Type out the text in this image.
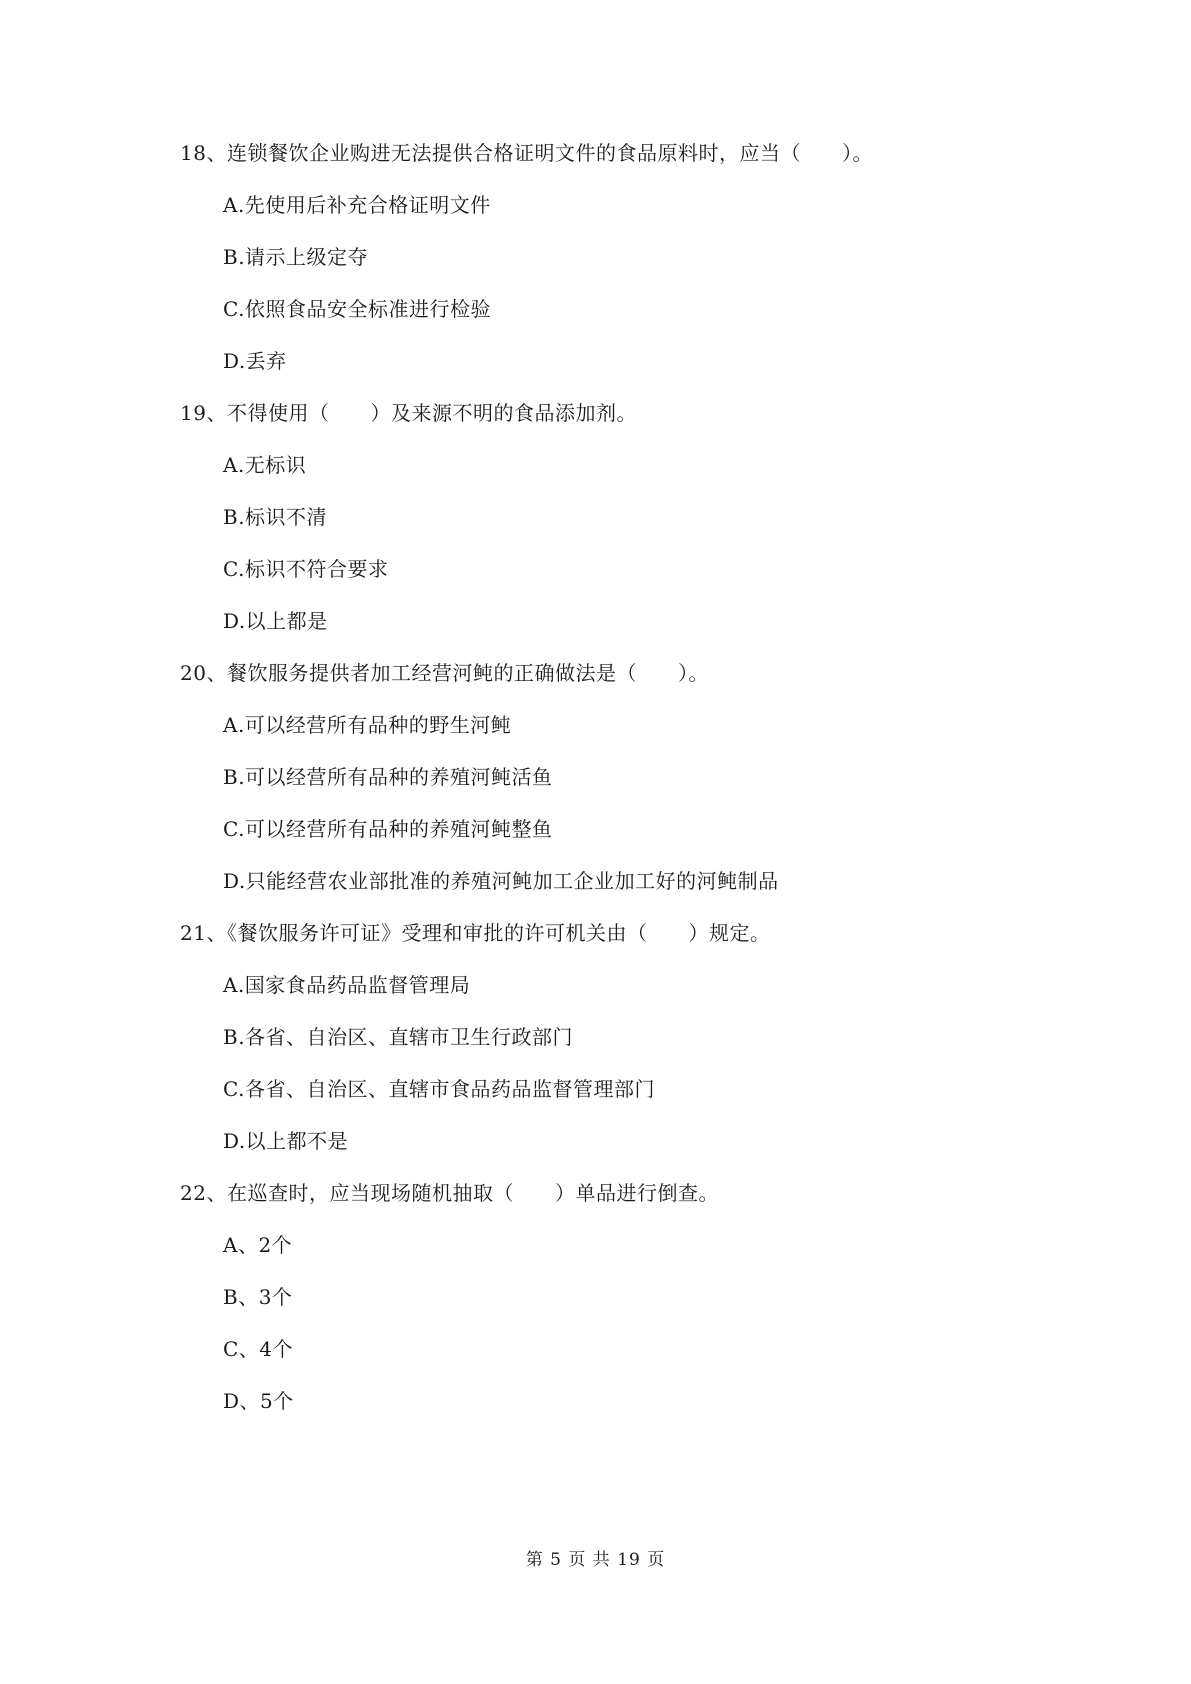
18、连锁餐饮企业购进无法提供合格证明文件的食品原料时，应当（　　）。
A.先使用后补充合格证明文件
B.请示上级定夺
C.依照食品安全标准进行检验
D.丢弃
19、不得使用（　　）及来源不明的食品添加剂。
A.无标识
B.标识不清
C.标识不符合要求
D.以上都是
20、餐饮服务提供者加工经营河鲀的正确做法是（　　）。
A.可以经营所有品种的野生河鲀
B.可以经营所有品种的养殖河鲀活鱼
C.可以经营所有品种的养殖河鲀整鱼
D.只能经营农业部批准的养殖河鲀加工企业加工好的河鲀制品
21、《餐饮服务许可证》受理和审批的许可机关由（　　）规定。
A.国家食品药品监督管理局
B.各省、自治区、直辖市卫生行政部门
C.各省、自治区、直辖市食品药品监督管理部门
D.以上都不是
22、在巡查时，应当现场随机抽取（　　）单品进行倒查。
A、2个
B、3个
C、4个
D、5个
第 5 页 共 19 页
